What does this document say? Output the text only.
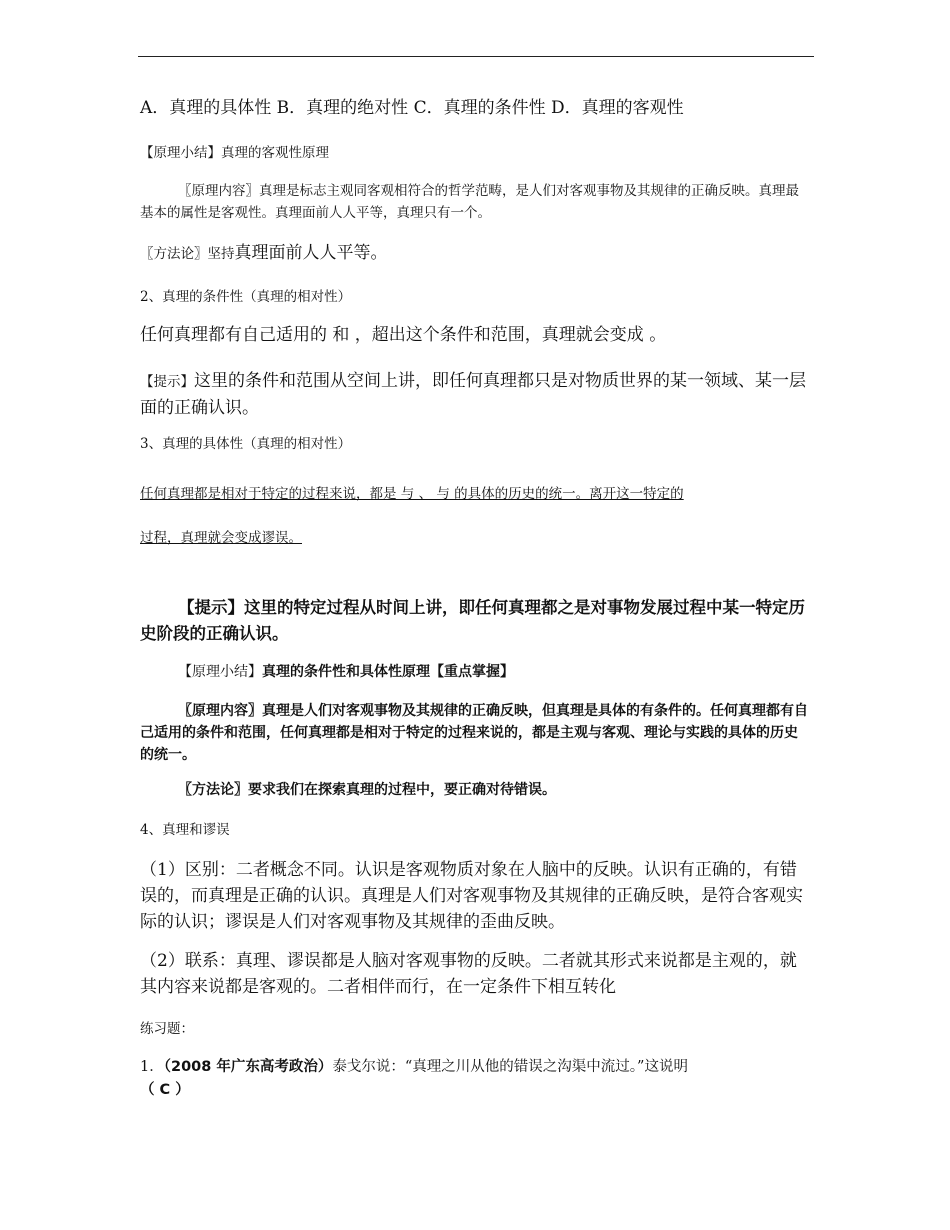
A．真理的具体性 B．真理的绝对性 C．真理的条件性 D．真理的客观性

【原理小结】真理的客观性原理

〖原理内容〗真理是标志主观同客观相符合的哲学范畴，是人们对客观事物及其规律的正确反映。真理最基本的属性是客观性。真理面前人人平等，真理只有一个。

〖方法论〗坚持真理面前人人平等。

2、真理的条件性（真理的相对性）

任何真理都有自己适用的 和 ，超出这个条件和范围，真理就会变成 。

【提示】这里的条件和范围从空间上讲，即任何真理都只是对物质世界的某一领域、某一层面的正确认识。

3、真理的具体性（真理的相对性）

任何真理都是相对于特定的过程来说，都是 与 、 与 的具体的历史的统一。离开这一特定的

过程，真理就会变成谬误。

【提示】这里的特定过程从时间上讲，即任何真理都之是对事物发展过程中某一特定历史阶段的正确认识。

【原理小结】真理的条件性和具体性原理【重点掌握】

〖原理内容〗真理是人们对客观事物及其规律的正确反映，但真理是具体的有条件的。任何真理都有自己适用的条件和范围，任何真理都是相对于特定的过程来说的，都是主观与客观、理论与实践的具体的历史的统一。

〖方法论〗要求我们在探索真理的过程中，要正确对待错误。

4、真理和谬误

（1）区别：二者概念不同。认识是客观物质对象在人脑中的反映。认识有正确的，有错误的，而真理是正确的认识。真理是人们对客观事物及其规律的正确反映，是符合客观实际的认识；谬误是人们对客观事物及其规律的歪曲反映。

（2）联系：真理、谬误都是人脑对客观事物的反映。二者就其形式来说都是主观的，就其内容来说都是客观的。二者相伴而行，在一定条件下相互转化

练习题：

1．（2008 年广东高考政治）泰戈尔说：“真理之川从他的错误之沟渠中流过。”这说明
（ C ）
